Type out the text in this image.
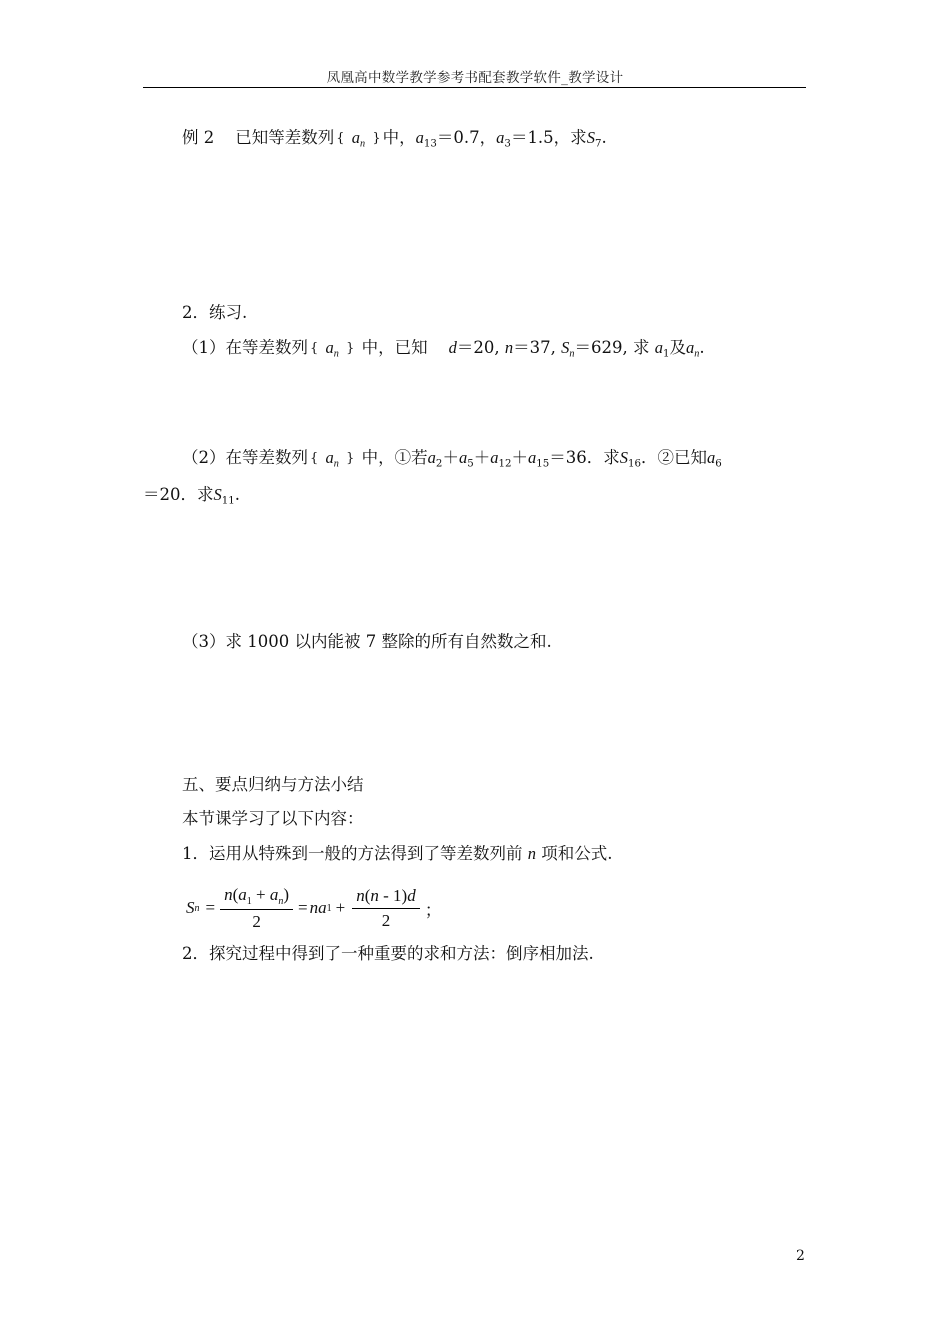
凤凰高中数学教学参考书配套教学软件_教学设计
例 2 已知等差数列 { $a_n$ } 中，$a_{13}=0.7$，$a_3=1.5$，求$S_7$.
2．练习.
（1）在等差数列 { $a_n$ } 中，已知 d＝20, n＝37, $S_n=629$, 求 $a_1$及$a_n$.
（2）在等差数列 { $a_n$ } 中，①若$a_2+a_5+a_{12}+a_{15}=36$．求$S_{16}$．②已知$a_6$
＝20．求$S_{11}$.
（3）求 1000 以内能被 7 整除的所有自然数之和.
五、要点归纳与方法小结
本节课学习了以下内容：
1．运用从特殊到一般的方法得到了等差数列前 n 项和公式.
S $n = \frac{n(a_1 + a_n)}{2}$ = na $1 + \frac{n(n - 1)d}{2}$ ；
2．探究过程中得到了一种重要的求和方法：倒序相加法.
2
